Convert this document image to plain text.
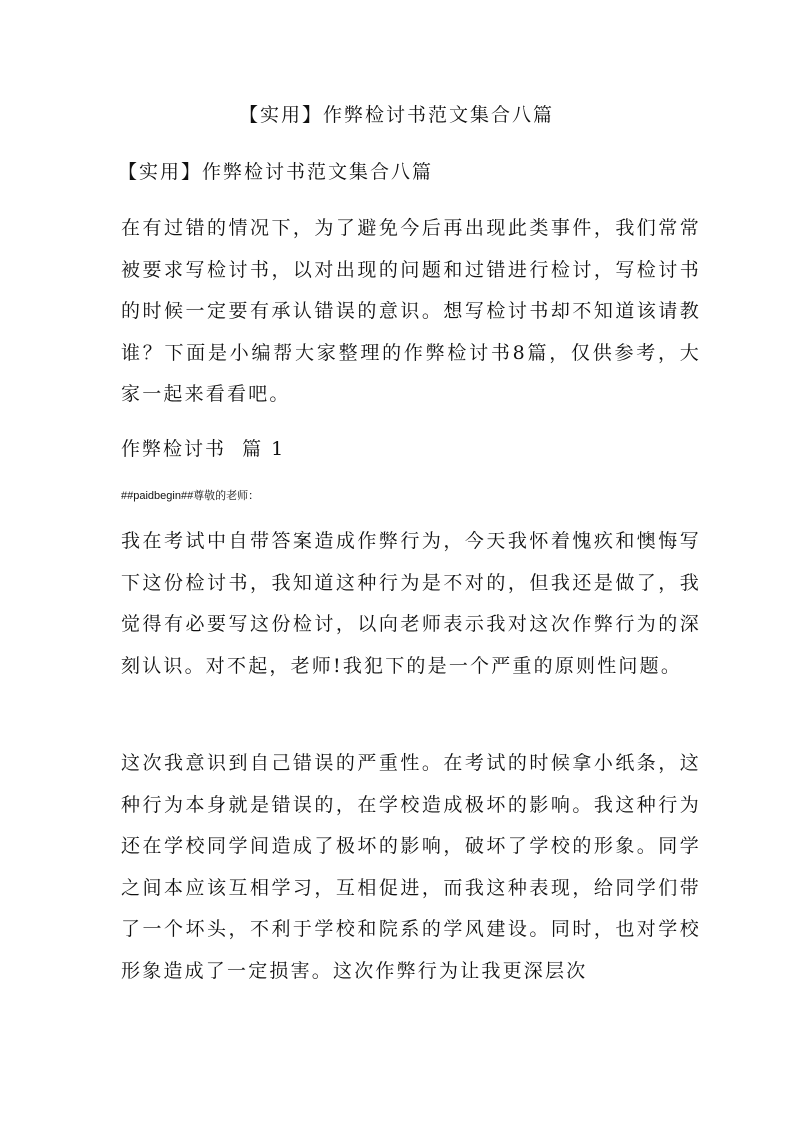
【实用】作弊检讨书范文集合八篇
【实用】作弊检讨书范文集合八篇

在有过错的情况下，为了避免今后再出现此类事件，我们常常被要求写检讨书，以对出现的问题和过错进行检讨，写检讨书的时候一定要有承认错误的意识。想写检讨书却不知道该请教谁？下面是小编帮大家整理的作弊检讨书8篇，仅供参考，大家一起来看看吧。

作弊检讨书  篇 1
##paidbegin##尊敬的老师：

我在考试中自带答案造成作弊行为，今天我怀着愧疚和懊悔写下这份检讨书，我知道这种行为是不对的，但我还是做了，我觉得有必要写这份检讨，以向老师表示我对这次作弊行为的深刻认识。对不起，老师!我犯下的是一个严重的原则性问题。

这次我意识到自己错误的严重性。在考试的时候拿小纸条，这种行为本身就是错误的，在学校造成极坏的影响。我这种行为还在学校同学间造成了极坏的影响，破坏了学校的形象。同学之间本应该互相学习，互相促进，而我这种表现，给同学们带了一个坏头，不利于学校和院系的学风建设。同时，也对学校形象造成了一定损害。这次作弊行为让我更深层次
